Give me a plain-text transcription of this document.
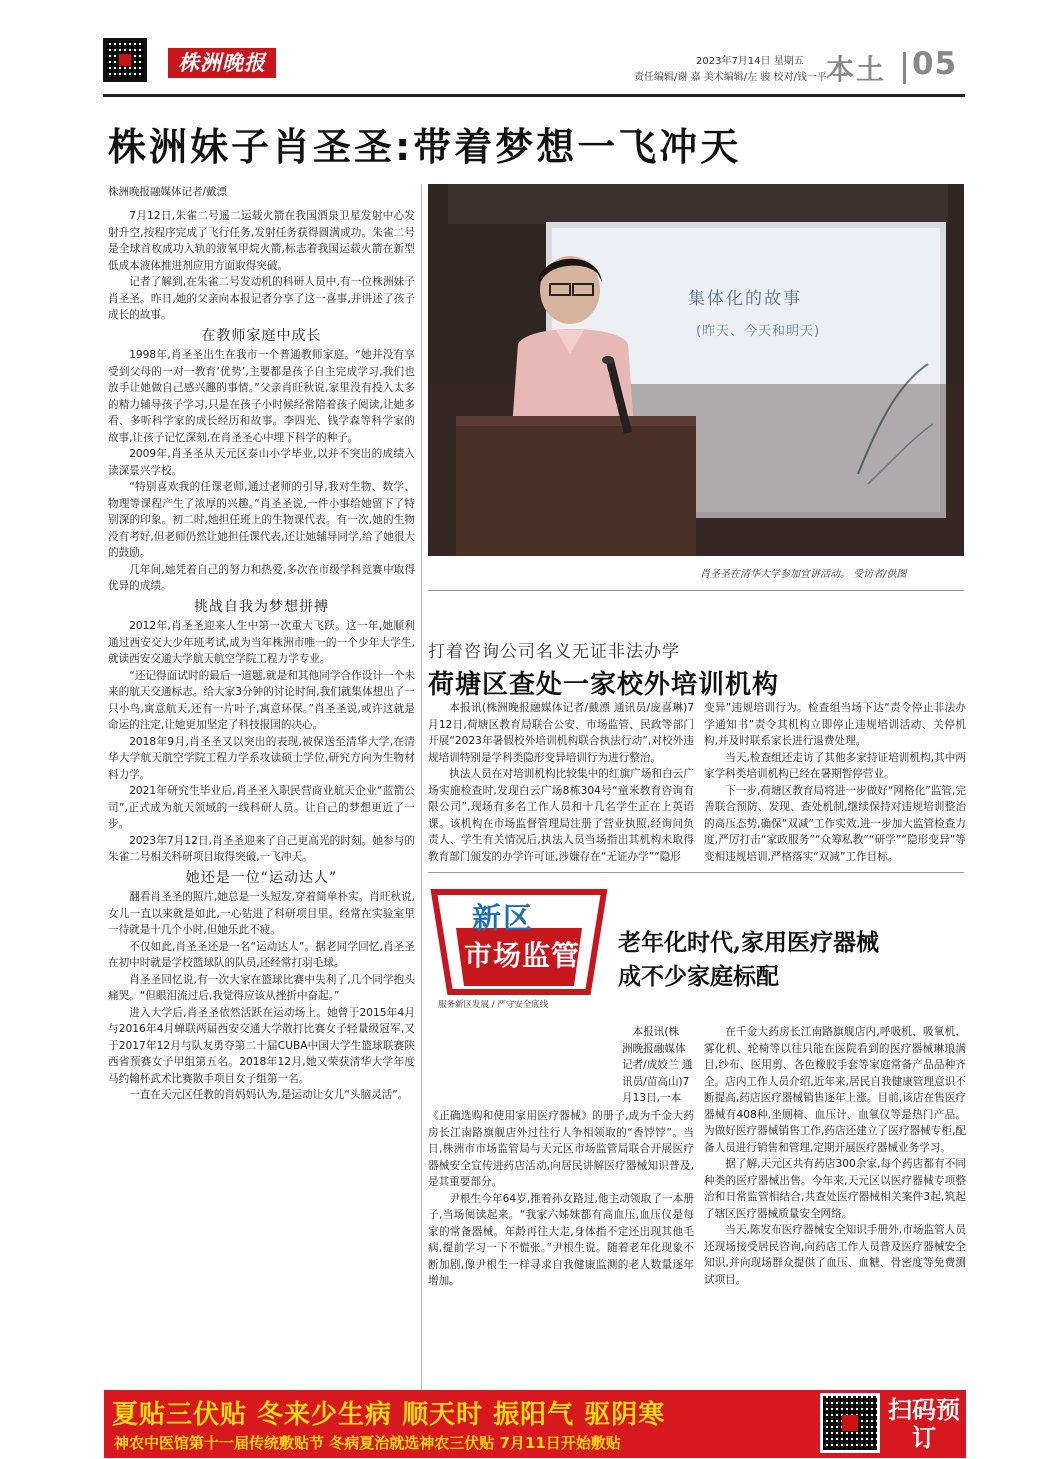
株洲晚报	2023年7月14日 星期五
责任编辑/谢 嘉 美术编辑/左 骏 校对/钱一平 本土 05
株洲妹子肖圣圣:带着梦想一飞冲天
株洲晚报融媒体记者/戴漂

7月12日,朱雀二号遥二运载火箭在我国酒泉卫星发射中心发射升空,按程序完成了飞行任务,发射任务获得圆满成功。朱雀二号是全球首枚成功入轨的液氧甲烷火箭,标志着我国运载火箭在新型低成本液体推进剂应用方面取得突破。

记者了解到,在朱雀二号发动机的科研人员中,有一位株洲妹子肖圣圣。昨日,她的父亲向本报记者分享了这一喜事,并讲述了孩子成长的故事。

在教师家庭中成长

1998年,肖圣圣出生在我市一个普通教师家庭。“她并没有享受到父母的一对一教育‘优势’,主要都是孩子自主完成学习,我们也放手让她做自己感兴趣的事情。”父亲肖旺秋说,家里没有投入太多的精力辅导孩子学习,只是在孩子小时候经常陪着孩子阅读,让她多看、多听科学家的成长经历和故事。李四光、钱学森等科学家的故事,让孩子记忆深刻,在肖圣圣心中埋下科学的种子。

2009年,肖圣圣从天元区泰山小学毕业,以并不突出的成绩入读深景兴学校。

“特别喜欢我的任课老师,通过老师的引导,我对生物、数学、物理等课程产生了浓厚的兴趣。”肖圣圣说,一件小事给她留下了特别深的印象。初二时,她担任班上的生物课代表。有一次,她的生物没有考好,但老师仍然让她担任课代表,还让她辅导同学,给了她很大的鼓励。

几年间,她凭着自己的努力和热爱,多次在市级学科竞赛中取得优异的成绩。

挑战自我为梦想拼搏

2012年,肖圣圣迎来人生中第一次重大飞跃。这一年,她顺利通过西安交大少年班考试,成为当年株洲市唯一的一个少年大学生,就读西安交通大学航天航空学院工程力学专业。

“还记得面试时的最后一道题,就是和其他同学合作设计一个未来的航天交通标志。给大家3分钟的讨论时间,我们就集体想出了一只小鸟,寓意航天,还有一片叶子,寓意环保。”肖圣圣说,或许这就是命运的注定,让她更加坚定了科技报国的决心。

2018年9月,肖圣圣又以突出的表现,被保送至清华大学,在清华大学航天航空学院工程力学系攻读硕士学位,研究方向为生物材料力学。

2021年研究生毕业后,肖圣圣入职民营商业航天企业“蓝箭公司”,正式成为航天领域的一线科研人员。让自己的梦想更近了一步。

2023年7月12日,肖圣圣迎来了自己更高光的时刻。她参与的朱雀二号相关科研项目取得突破,一飞冲天。

她还是一位“运动达人”

翻看肖圣圣的照片,她总是一头短发,穿着简单朴实。肖旺秋说,女儿一直以来就是如此,一心钻进了科研项目里。经常在实验室里一待就是十几个小时,但她乐此不疲。

不仅如此,肖圣圣还是一名“运动达人”。据老同学回忆,肖圣圣在初中时就是学校篮球队的队员,还经常打羽毛球。

肖圣圣回忆说,有一次大家在篮球比赛中失利了,几个同学抱头痛哭。“但眼泪流过后,我觉得应该从挫折中奋起。”

进入大学后,肖圣圣依然活跃在运动场上。她曾于2015年4月与2016年4月蝉联两届西安交通大学散打比赛女子轻量级冠军,又于2017年12月与队友勇夺第二十届CUBA中国大学生篮球联赛陕西省预赛女子甲组第五名。2018年12月,她又荣获清华大学年度马约翰杯武术比赛散手项目女子组第一名。

一直在天元区任教的肖妈妈认为,是运动让女儿“头脑灵活”。

集体化的故事
(昨天、今天和明天)
肖圣圣在清华大学参加宣讲活动。 受访者/供图
打着咨询公司名义无证非法办学
荷塘区查处一家校外培训机构

本报讯(株洲晚报融媒体记者/戴漂 通讯员/庞喜琳)7月12日,荷塘区教育局联合公安、市场监管、民政等部门开展“2023年暑假校外培训机构联合执法行动”,对校外违规培训特别是学科类隐形变异培训行为进行整治。

执法人员在对培训机构比较集中的红旗广场和白云广场实施检查时,发现白云广场8栋304号“童米教育咨询有限公司”,现场有多名工作人员和十几名学生正在上英语课。该机构在市场监督管理局注册了营业执照,经询问负责人、学生有关情况后,执法人员当场指出其机构未取得教育部门颁发的办学许可证,涉嫌存在“无证办学”“隐形

变异”违规培训行为。检查组当场下达“责令停止非法办学通知书”责令其机构立即停止违规培训活动、关停机构,并及时联系家长进行退费处理。

当天,检查组还走访了其他多家持证培训机构,其中两家学科类培训机构已经在暑期暂停营业。

下一步,荷塘区教育局将进一步做好“网格化”监管,完善联合预防、发现、查处机制,继续保持对违规培训整治的高压态势,确保“双减”工作实效,进一步加大监管检查力度,严厉打击“家政服务”“众筹私教”“研学”“隐形变异”等变相违规培训,严格落实“双减”工作目标。

新区
市场监管
服务新区发展 / 严守安全底线
老年化时代,家用医疗器械
成不少家庭标配
本报讯(株
洲晚报融媒体
记者/成姣兰 通
讯员/苗高山)7
月13日,一本

《正确选购和使用家用医疗器械》的册子,成为千金大药房长江南路旗舰店外过往行人争相领取的“香饽饽”。当日,株洲市市场监管局与天元区市场监管局联合开展医疗器械安全宣传进药店活动,向居民讲解医疗器械知识普及,是其重要部分。

尹根生今年64岁,推着孙女路过,他主动领取了一本册子,当场阅读起来。“我家六姊妹都有高血压,血压仪是每家的常备器械。年龄再往大走,身体指不定还出现其他毛病,提前学习一下不慌张。”尹根生说。随着老年化现象不断加剧,像尹根生一样寻求自我健康监测的老人数量逐年增加。

在千金大药房长江南路旗舰店内,呼吸机、吸氧机、雾化机、轮椅等以往只能在医院看到的医疗器械琳琅满目,纱布、医用剪、各色橡胶手套等家庭常备产品品种齐全。店内工作人员介绍,近年来,居民自我健康管理意识不断提高,药店医疗器械销售逐年上涨。目前,该店在售医疗器械有408种,坐厕椅、血压计、血氧仪等是热门产品。为做好医疗器械销售工作,药店还建立了医疗器械专柜,配备人员进行销售和管理,定期开展医疗器械业务学习。

据了解,天元区共有药店300余家,每个药店都有不同种类的医疗器械出售。今年来,天元区以医疗器械专项整治和日常监管相结合,共查处医疗器械相关案件3起,筑起了辖区医疗器械质量安全网络。

当天,陈发布医疗器械安全知识手册外,市场监管人员还现场接受居民咨询,向药店工作人员普及医疗器械安全知识,并向现场群众提供了血压、血糖、骨密度等免费测试项目。

夏贴三伏贴 冬来少生病 顺天时 振阳气 驱阴寒
神农中医馆第十一届传统敷贴节 冬病夏治就选神农三伏贴 7月11日开始敷贴
扫码预订
